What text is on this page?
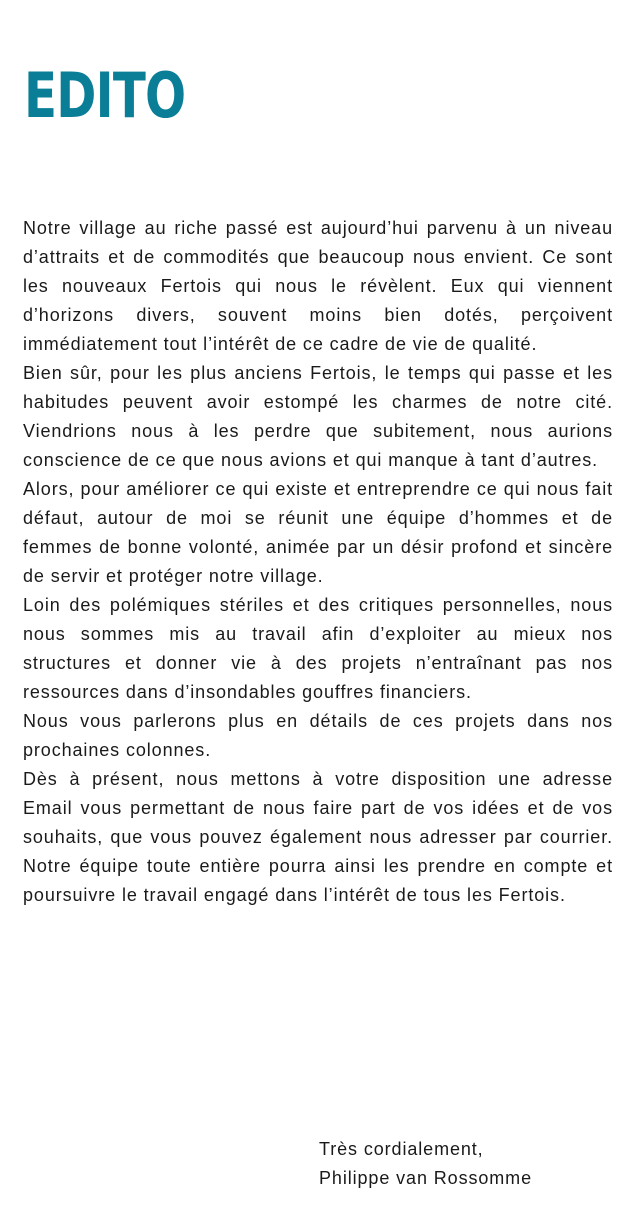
EDITO

Notre village au riche passé est aujourd’hui parvenu à un niveau d’attraits et de commodités que beaucoup nous envient. Ce sont les nouveaux Fertois qui nous le révèlent. Eux qui viennent d’horizons divers, souvent moins bien dotés, perçoivent immédiatement tout l’intérêt de ce cadre de vie de qualité.

Bien sûr, pour les plus anciens Fertois, le temps qui passe et les habitudes peuvent avoir estompé les charmes de notre cité. Viendrions nous à les perdre que subitement, nous aurions conscience de ce que nous avions et qui manque à tant d’autres.

Alors, pour améliorer ce qui existe et entreprendre ce qui nous fait défaut, autour de moi se réunit une équipe d’hommes et de femmes de bonne volonté, animée par un désir profond et sincère de servir et protéger notre village.

Loin des polémiques stériles et des critiques personnelles, nous nous sommes mis au travail afin d’exploiter au mieux nos structures et donner vie à des projets n’entraînant pas nos ressources dans d’insondables gouffres financiers.

Nous vous parlerons plus en détails de ces projets dans nos prochaines colonnes.

Dès à présent, nous mettons à votre disposition une adresse Email vous permettant de nous faire part de vos idées et de vos souhaits, que vous pouvez également nous adresser par courrier. Notre équipe toute entière pourra ainsi les prendre en compte et poursuivre le travail engagé dans l’intérêt de tous les Fertois.

Très cordialement,
Philippe van Rossomme
